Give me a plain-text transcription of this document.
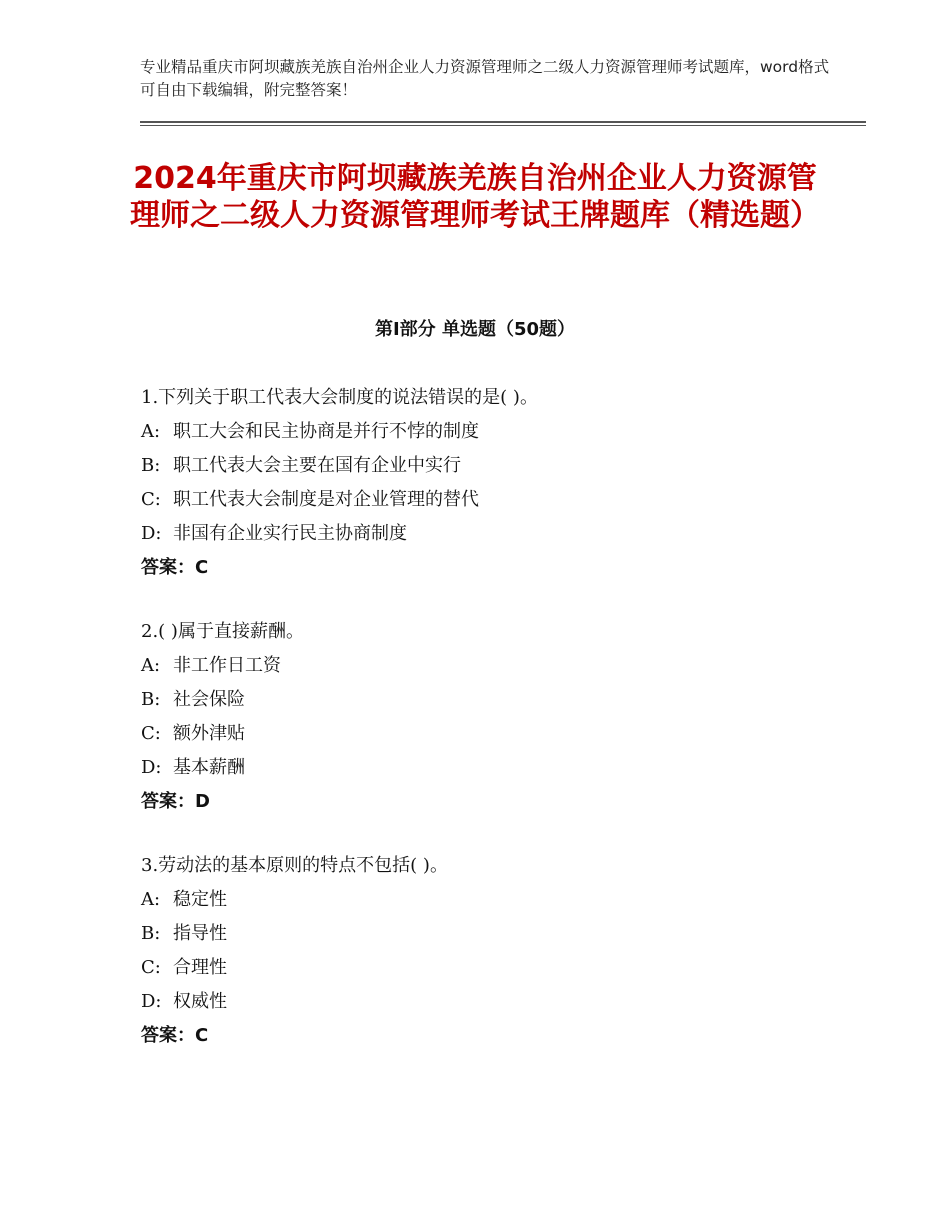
专业精品重庆市阿坝藏族羌族自治州企业人力资源管理师之二级人力资源管理师考试题库，word格式可自由下载编辑，附完整答案！
2024年重庆市阿坝藏族羌族自治州企业人力资源管理师之二级人力资源管理师考试王牌题库（精选题）
第Ⅰ部分 单选题（50题）
1.下列关于职工代表大会制度的说法错误的是( )。
A: 职工大会和民主协商是并行不悖的制度
B: 职工代表大会主要在国有企业中实行
C: 职工代表大会制度是对企业管理的替代
D: 非国有企业实行民主协商制度
答案：C
2.( )属于直接薪酬。
A: 非工作日工资
B: 社会保险
C: 额外津贴
D: 基本薪酬
答案：D
3.劳动法的基本原则的特点不包括( )。
A: 稳定性
B: 指导性
C: 合理性
D: 权威性
答案：C
